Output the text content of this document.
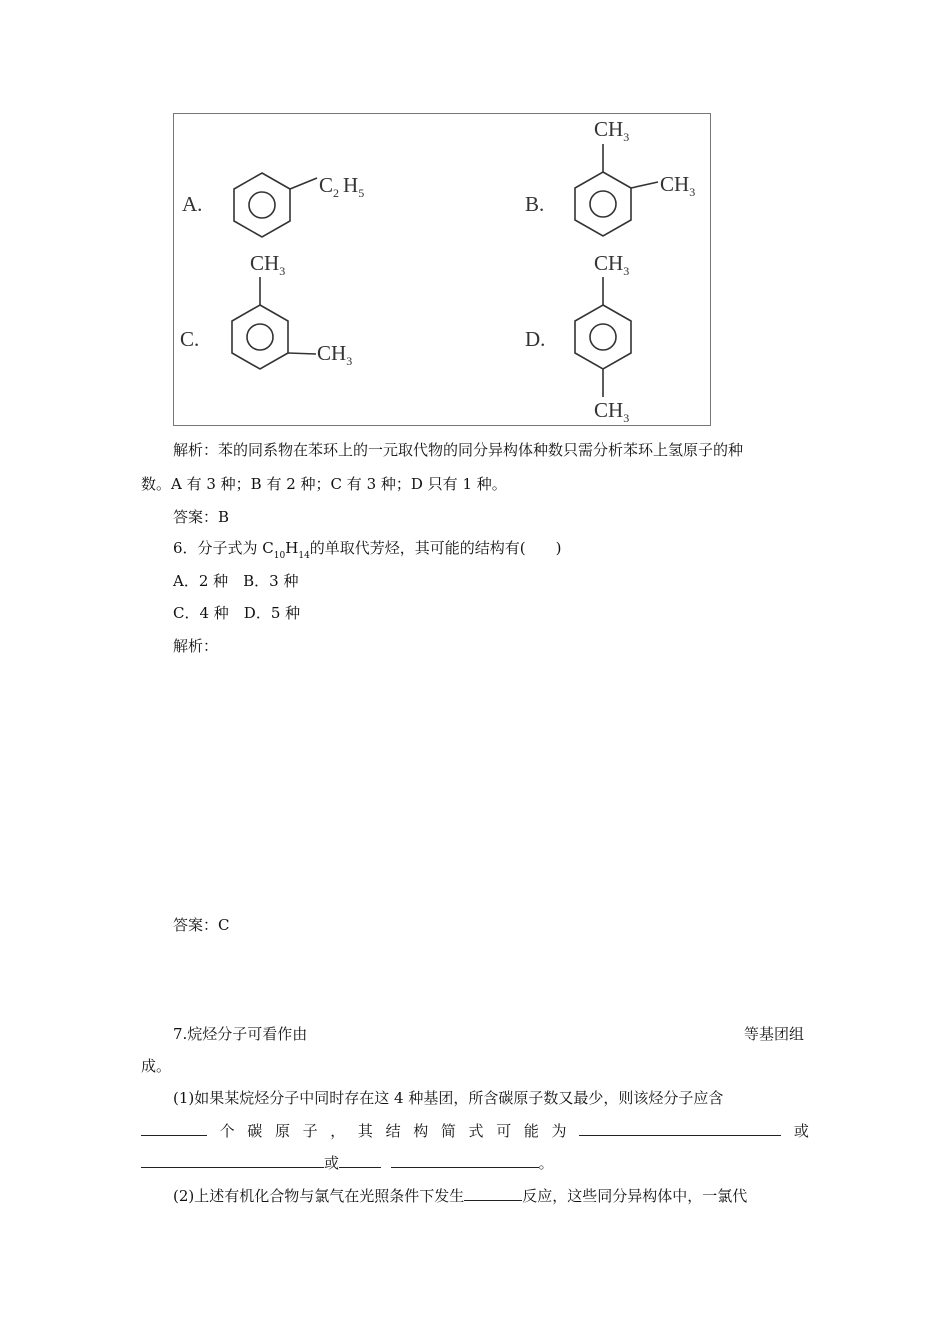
A.
$C_2$ $H_5$	B.
$CH_3$
$CH_3$
C.
$CH_3$
$CH_3$
D.
$CH_3$
$CH_3$
解析：苯的同系物在苯环上的一元取代物的同分异构体种数只需分析苯环上氢原子的种
数。A 有 3 种；B 有 2 种；C 有 3 种；D 只有 1 种。
答案：B
6．分子式为 $C_{10}H_{14}$的单取代芳烃，其可能的结构有(　　)
A．2 种　B．3 种
C．4 种　D．5 种
解析：
答案：C
7.烷烃分子可看作由	等基团组
成。
(1)如果某烷烃分子中同时存在这 4 种基团，所含碳原子数又最少，则该烃分子应含
个 碳 原 子 ， 其 结 构 简 式 可 能 为	或
或	。
(2)上述有机化合物与氯气在光照条件下发生	反应，这些同分异构体中，一氯代
